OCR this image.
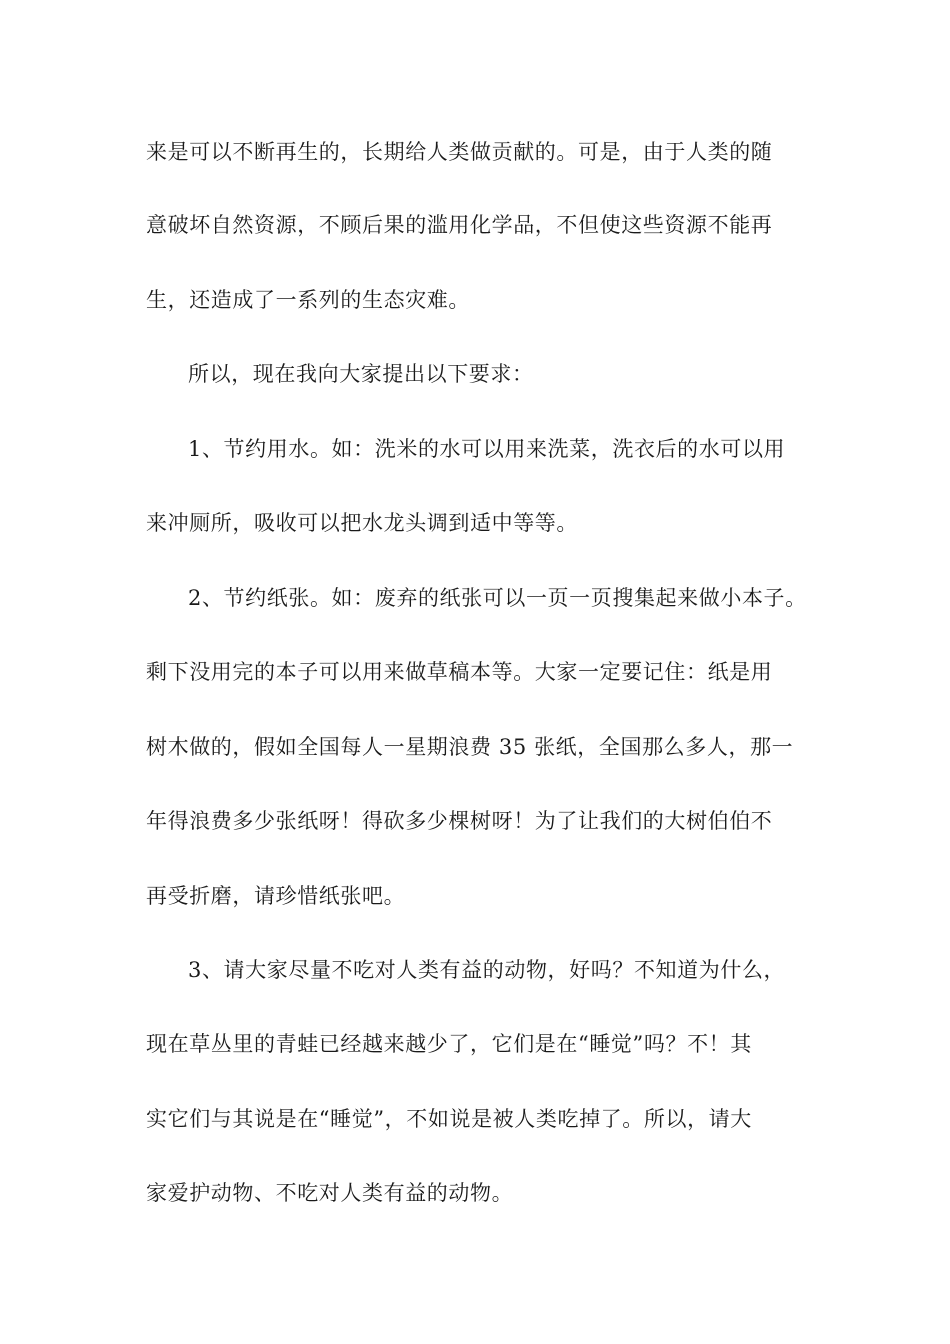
来是可以不断再生的，长期给人类做贡献的。可是，由于人类的随
意破坏自然资源，不顾后果的滥用化学品，不但使这些资源不能再
生，还造成了一系列的生态灾难。
所以，现在我向大家提出以下要求：
1、节约用水。如：洗米的水可以用来洗菜，洗衣后的水可以用
来冲厕所，吸收可以把水龙头调到适中等等。
2、节约纸张。如：废弃的纸张可以一页一页搜集起来做小本子。
剩下没用完的本子可以用来做草稿本等。大家一定要记住：纸是用
树木做的，假如全国每人一星期浪费 35 张纸，全国那么多人，那一
年得浪费多少张纸呀！得砍多少棵树呀！为了让我们的大树伯伯不
再受折磨，请珍惜纸张吧。
3、请大家尽量不吃对人类有益的动物，好吗？不知道为什么，
现在草丛里的青蛙已经越来越少了，它们是在“睡觉”吗？不！其
实它们与其说是在“睡觉”，不如说是被人类吃掉了。所以，请大
家爱护动物、不吃对人类有益的动物。
